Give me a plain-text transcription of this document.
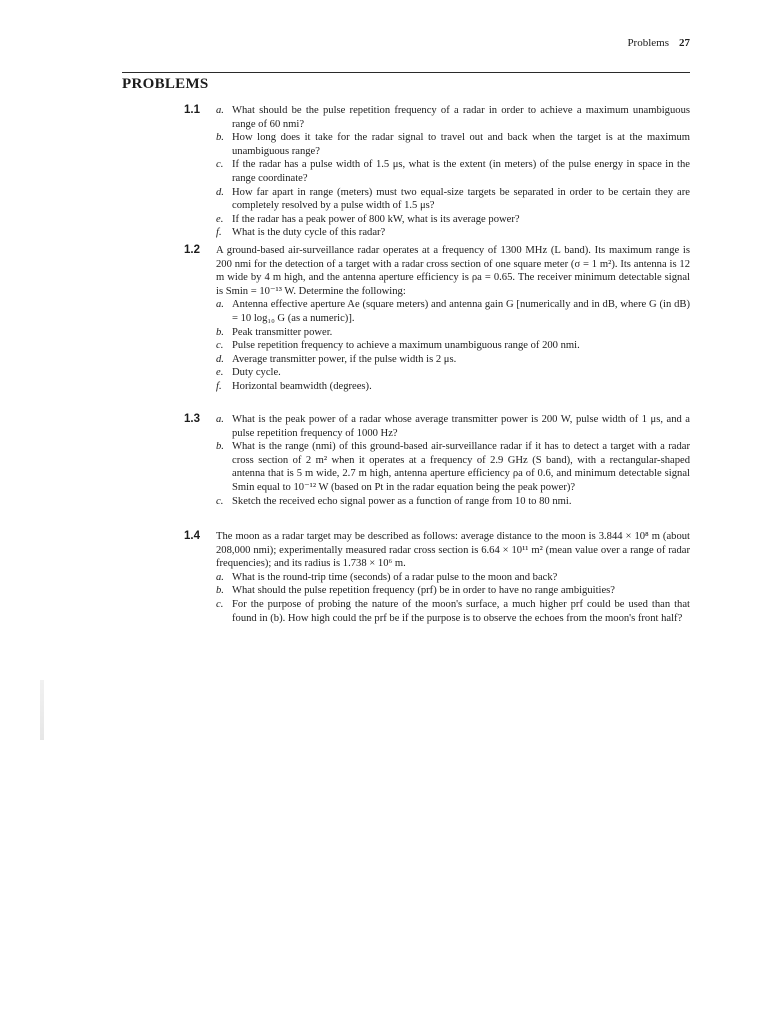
Problems 27
PROBLEMS
1.1 a. What should be the pulse repetition frequency of a radar in order to achieve a maximum unambiguous range of 60 nmi?
b. How long does it take for the radar signal to travel out and back when the target is at the maximum unambiguous range?
c. If the radar has a pulse width of 1.5 μs, what is the extent (in meters) of the pulse energy in space in the range coordinate?
d. How far apart in range (meters) must two equal-size targets be separated in order to be certain they are completely resolved by a pulse width of 1.5 μs?
e. If the radar has a peak power of 800 kW, what is its average power?
f. What is the duty cycle of this radar?
1.2 A ground-based air-surveillance radar operates at a frequency of 1300 MHz (L band). Its maximum range is 200 nmi for the detection of a target with a radar cross section of one square meter (σ = 1 m²). Its antenna is 12 m wide by 4 m high, and the antenna aperture efficiency is ρa = 0.65. The receiver minimum detectable signal is Smin = 10⁻¹³ W. Determine the following:
a. Antenna effective aperture Ae (square meters) and antenna gain G [numerically and in dB, where G (in dB) = 10 log₁₀ G (as a numeric)].
b. Peak transmitter power.
c. Pulse repetition frequency to achieve a maximum unambiguous range of 200 nmi.
d. Average transmitter power, if the pulse width is 2 μs.
e. Duty cycle.
f. Horizontal beamwidth (degrees).
1.3 a. What is the peak power of a radar whose average transmitter power is 200 W, pulse width of 1 μs, and a pulse repetition frequency of 1000 Hz?
b. What is the range (nmi) of this ground-based air-surveillance radar if it has to detect a target with a radar cross section of 2 m² when it operates at a frequency of 2.9 GHz (S band), with a rectangular-shaped antenna that is 5 m wide, 2.7 m high, antenna aperture efficiency ρa of 0.6, and minimum detectable signal Smin equal to 10⁻¹² W (based on Pt in the radar equation being the peak power)?
c. Sketch the received echo signal power as a function of range from 10 to 80 nmi.
1.4 The moon as a radar target may be described as follows: average distance to the moon is 3.844 × 10⁸ m (about 208,000 nmi); experimentally measured radar cross section is 6.64 × 10¹¹ m² (mean value over a range of radar frequencies); and its radius is 1.738 × 10⁶ m.
a. What is the round-trip time (seconds) of a radar pulse to the moon and back?
b. What should the pulse repetition frequency (prf) be in order to have no range ambiguities?
c. For the purpose of probing the nature of the moon's surface, a much higher prf could be used than that found in (b). How high could the prf be if the purpose is to observe the echoes from the moon's front half?
